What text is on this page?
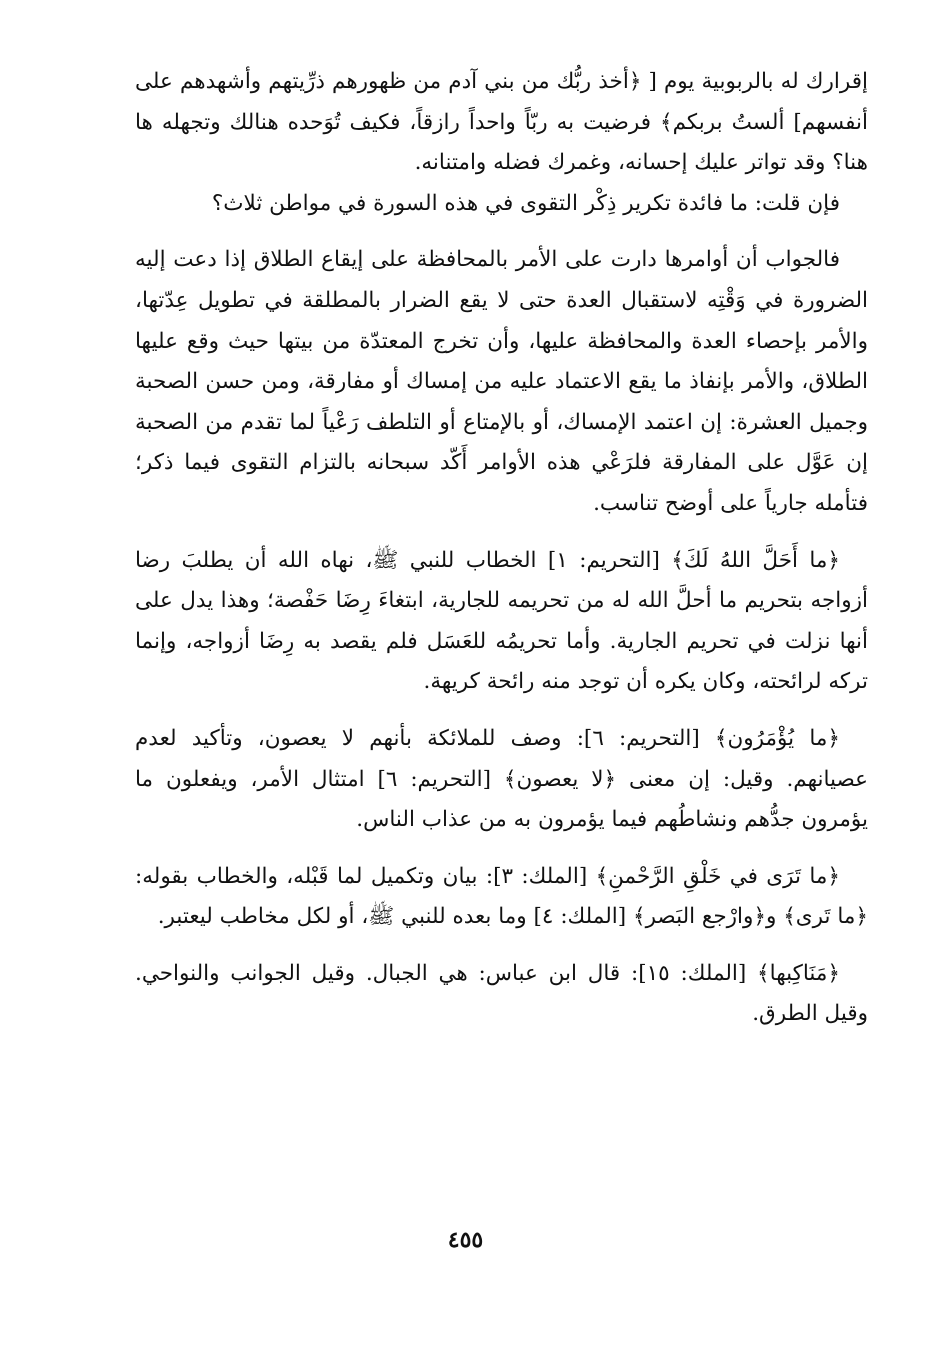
إقرارك له بالربوبية يوم [ ﴿أخذ ربُّك من بني آدم من ظهورهم ذرِّيتهم وأشهدهم على أنفسهم] ألستُ بربكم﴾ فرضيت به ربّاً واحداً رازقاً، فكيف تُوَحده هنالك وتجهله ها هنا؟ وقد تواتر عليك إحسانه، وغمرك فضله وامتنانه.

فإن قلت: ما فائدة تكرير ذِكْر التقوى في هذه السورة في مواطن ثلاث؟

فالجواب أن أوامرها دارت على الأمر بالمحافظة على إيقاع الطلاق إذا دعت إليه الضرورة في وَقْتِه لاستقبال العدة حتى لا يقع الضرار بالمطلقة في تطويل عِدّتها، والأمر بإحصاء العدة والمحافظة عليها، وأن تخرج المعتدّة من بيتها حيث وقع عليها الطلاق، والأمر بإنفاذ ما يقع الاعتماد عليه من إمساك أو مفارقة، ومن حسن الصحبة وجميل العشرة: إن اعتمد الإمساك، أو بالإمتاع أو التلطف رَعْياً لما تقدم من الصحبة إن عَوَّل على المفارقة فلرَعْي هذه الأوامر أَكّد سبحانه بالتزام التقوى فيما ذكر؛ فتأمله جارياً على أوضح تناسب.

﴿ما أَحَلَّ اللهُ لَكَ﴾ [التحريم: ١] الخطاب للنبي ﷺ، نهاه الله أن يطلبَ رضا أزواجه بتحريم ما أحلَّ الله له من تحريمه للجارية، ابتغاءَ رِضَا حَفْصة؛ وهذا يدل على أنها نزلت في تحريم الجارية. وأما تحريمُه للعَسَل فلم يقصد به رِضَا أزواجه، وإنما تركه لرائحته، وكان يكره أن توجد منه رائحة كريهة.

﴿ما يُؤْمَرُون﴾ [التحريم: ٦]: وصف للملائكة بأنهم لا يعصون، وتأكيد لعدم عصيانهم. وقيل: إن معنى ﴿لا يعصون﴾ [التحريم: ٦] امتثال الأمر، ويفعلون ما يؤمرون جدُّهم ونشاطُهم فيما يؤمرون به من عذاب الناس.

﴿ما تَرَى في خَلْقِ الرَّحْمنِ﴾ [الملك: ٣]: بيان وتكميل لما قَبْله، والخطاب بقوله: ﴿ما تَرى﴾ و﴿وارْجع البَصر﴾ [الملك: ٤] وما بعده للنبي ﷺ، أو لكل مخاطب ليعتبر.

﴿مَنَاكِبها﴾ [الملك: ١٥]: قال ابن عباس: هي الجبال. وقيل الجوانب والنواحي. وقيل الطرق.

٤٥٥
